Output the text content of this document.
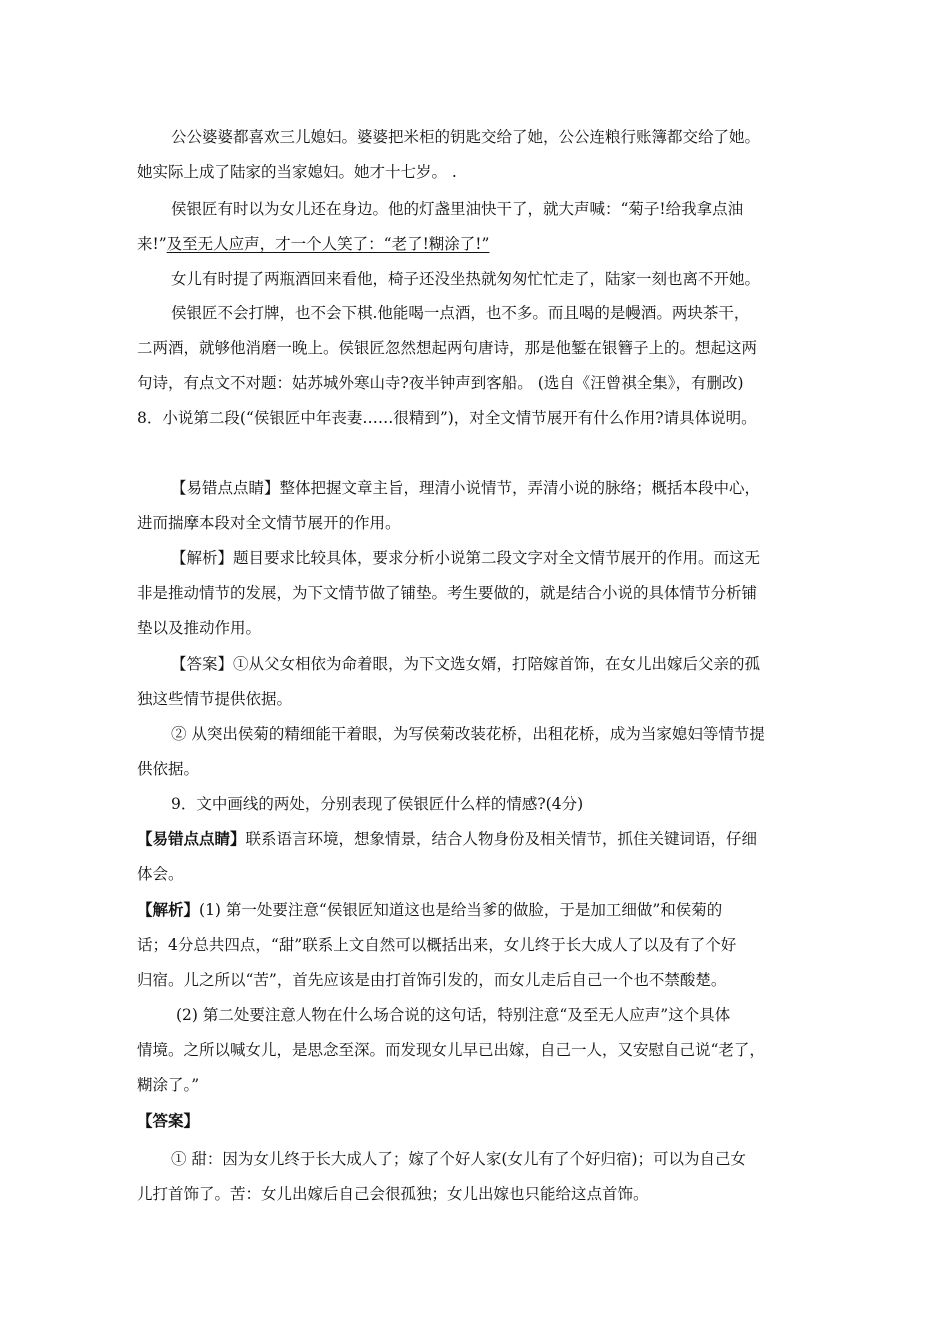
公公婆婆都喜欢三儿媳妇。婆婆把米柜的钥匙交给了她，公公连粮行账簿都交给了她。
她实际上成了陆家的当家媳妇。她才十七岁。 .
侯银匠有时以为女儿还在身边。他的灯盏里油快干了，就大声喊：“菊子!给我拿点油
来!”及至无人应声，才一个人笑了：“老了!糊涂了!”
女儿有时提了两瓶酒回来看他，椅子还没坐热就匆匆忙忙走了，陆家一刻也离不开她。
侯银匠不会打牌，也不会下棋.他能喝一点酒，也不多。而且喝的是幔酒。两块茶干，
二两酒，就够他消磨一晚上。侯银匠忽然想起两句唐诗，那是他錾在银簪子上的。想起这两
句诗，有点文不对题：姑苏城外寒山寺?夜半钟声到客船。 (选自《汪曾祺全集》，有删改)
8．小说第二段(“侯银匠中年丧妻……很精到”)，对全文情节展开有什么作用?请具体说明。
【易错点点睛】整体把握文章主旨，理清小说情节，弄清小说的脉络；概括本段中心，
进而揣摩本段对全文情节展开的作用。
【解析】题目要求比较具体，要求分析小说第二段文字对全文情节展开的作用。而这无
非是推动情节的发展，为下文情节做了铺垫。考生要做的，就是结合小说的具体情节分析铺
垫以及推动作用。
【答案】①从父女相依为命着眼，为下文选女婿，打陪嫁首饰，在女儿出嫁后父亲的孤
独这些情节提供依据。
② 从突出侯菊的精细能干着眼，为写侯菊改装花桥，出租花桥，成为当家媳妇等情节提
供依据。
9．文中画线的两处，分别表现了侯银匠什么样的情感?(4分)
【易错点点睛】联系语言环境，想象情景，结合人物身份及相关情节，抓住关键词语，仔细
体会。
【解析】(1) 第一处要注意“侯银匠知道这也是给当爹的做脸，于是加工细做”和侯菊的
话；4分总共四点，“甜”联系上文自然可以概括出来，女儿终于长大成人了以及有了个好
归宿。儿之所以“苦”，首先应该是由打首饰引发的，而女儿走后自己一个也不禁酸楚。
(2) 第二处要注意人物在什么场合说的这句话，特别注意“及至无人应声”这个具体
情境。之所以喊女儿，是思念至深。而发现女儿早已出嫁，自己一人，又安慰自己说“老了，
糊涂了。”
【答案】
① 甜：因为女儿终于长大成人了；嫁了个好人家(女儿有了个好归宿)；可以为自己女
儿打首饰了。苦：女儿出嫁后自己会很孤独；女儿出嫁也只能给这点首饰。
